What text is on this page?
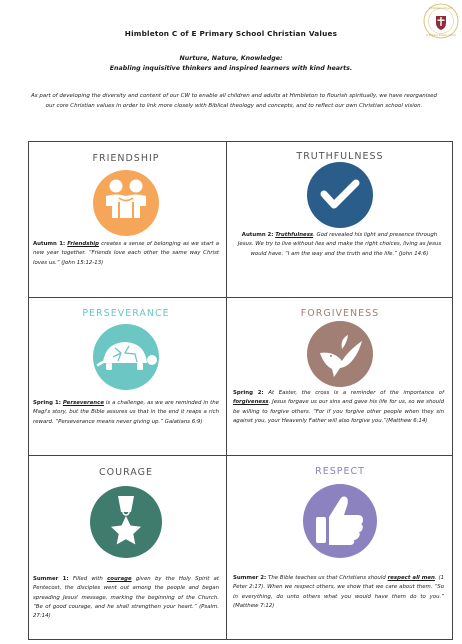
Himbleton C of E Primary School Christian Values
Nurture, Nature, Knowledge:
Enabling inquisitive thinkers and inspired learners with kind hearts.
Himbleton Church
of England Primary School
As part of developing the diversity and content of our CW to enable all children and adults at Himbleton to flourish spiritually, we have reorganised our core Christian values in order to link more closely with Biblical theology and concepts, and to reflect our own Christian school vision.
FRIENDSHIP
Autumn 1: Friendship creates a sense of belonging as we start a new year together. “Friends love each other the same way Christ loves us.” (John 15:12-13)
TRUTHFULNESS
Autumn 2: Truthfulness. God revealed his light and presence through Jesus. We try to live without lies and make the right choices, living as Jesus would have. “I am the way and the truth and the life.” (John 14:6)
PERSEVERANCE
Spring 1: Perseverance is a challenge, as we are reminded in the Magi's story, but the Bible assures us that in the end it reaps a rich reward. “Perseverance means never giving up.” Galatians 6:9)
FORGIVENESS
Spring 2: At Easter, the cross is a reminder of the importance of forgiveness. Jesus forgave us our sins and gave his life for us, so we should be willing to forgive others. “For if you forgive other people when they sin against you, your Heavenly Father will also forgive you.”(Matthew 6:14)
COURAGE
Summer 1: Filled with courage given by the Holy Spirit at Pentecost, the disciples went out among the people and began spreading Jesus' message, marking the beginning of the Church. “Be of good courage, and he shall strengthen your heart.” (Psalm. 27:14)
RESPECT
Summer 2: The Bible teaches us that Christians should respect all men. (1 Peter 2:17). When we respect others, we show that we care about them. “So in everything, do unto others what you would have them do to you.” (Matthew 7:12)
